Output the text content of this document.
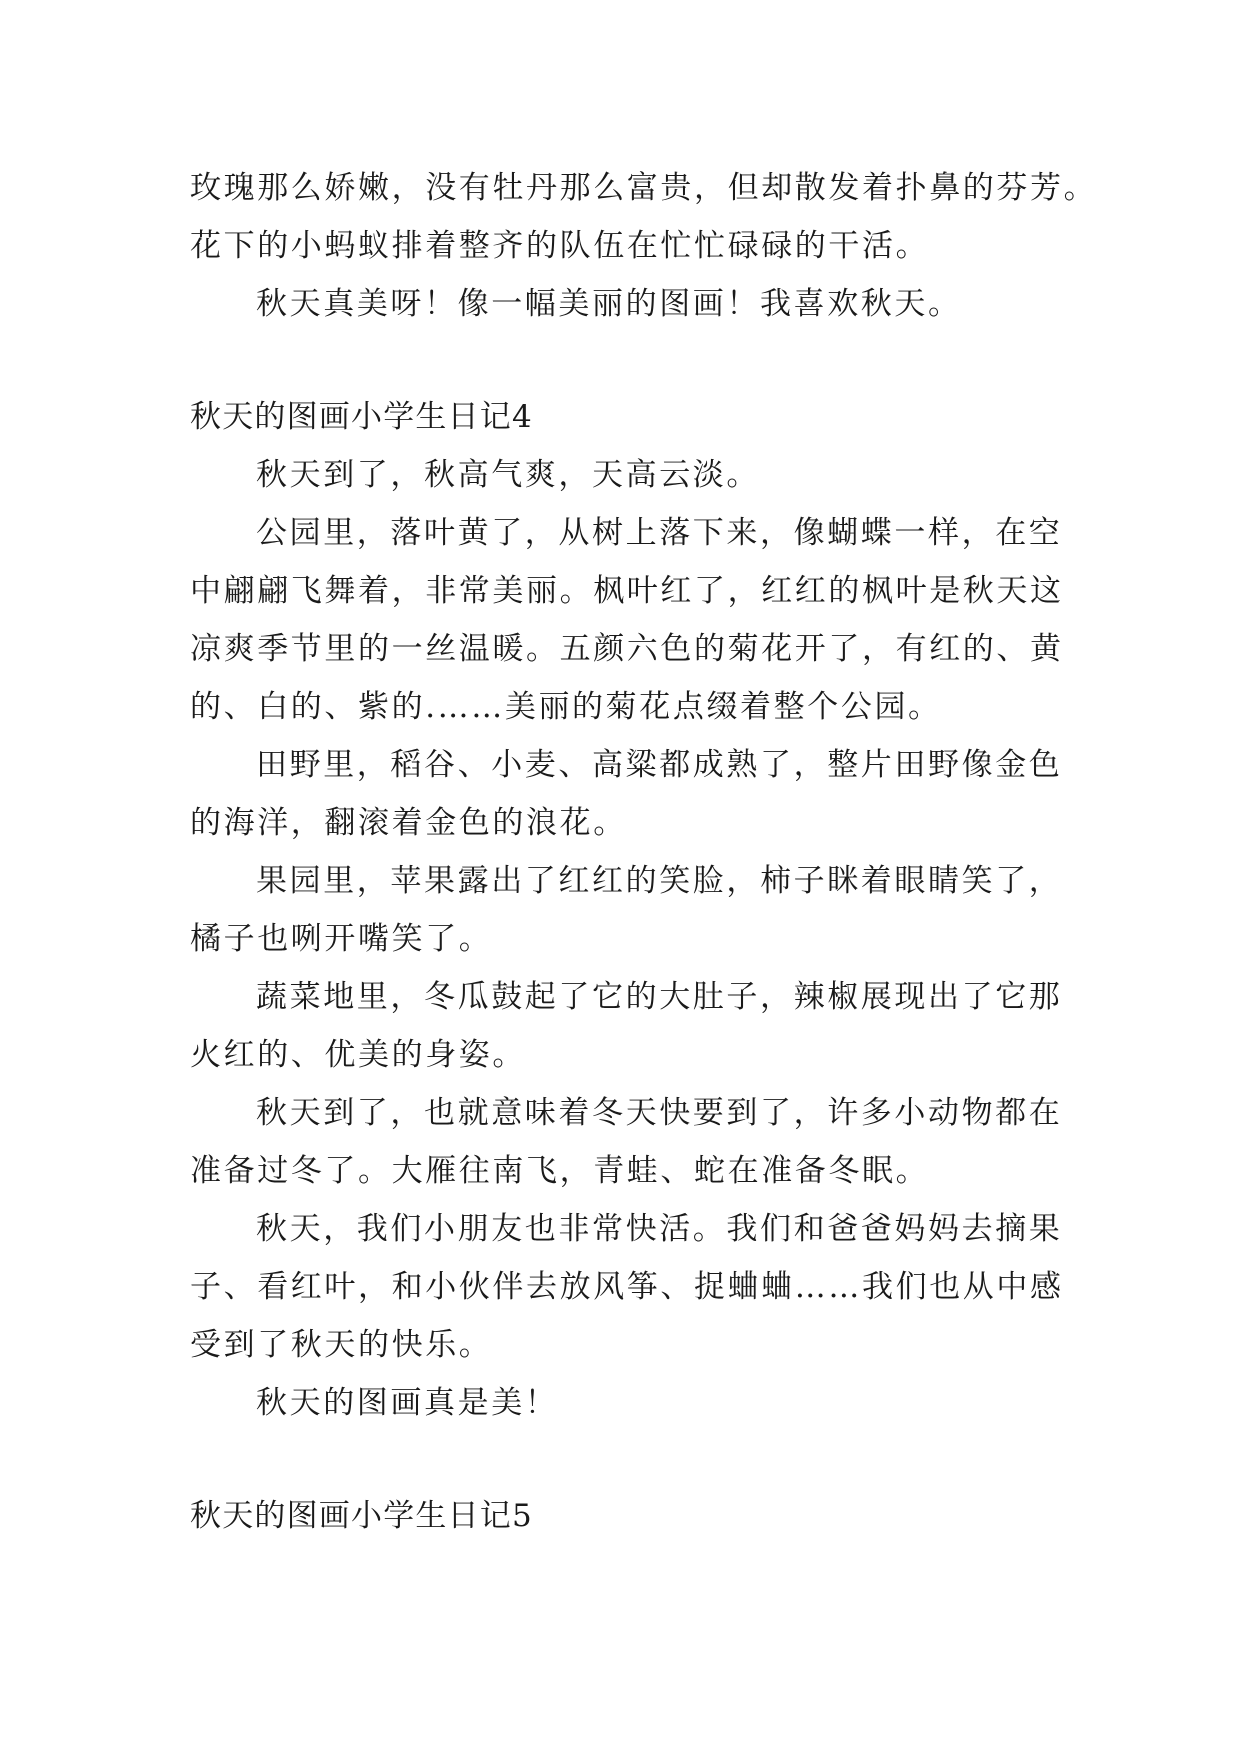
玫瑰那么娇嫩，没有牡丹那么富贵，但却散发着扑鼻的芬芳。
花下的小蚂蚁排着整齐的队伍在忙忙碌碌的干活。
秋天真美呀！像一幅美丽的图画！我喜欢秋天。
秋天的图画小学生日记4
秋天到了，秋高气爽，天高云淡。
公园里，落叶黄了，从树上落下来，像蝴蝶一样，在空
中翩翩飞舞着，非常美丽。枫叶红了，红红的枫叶是秋天这
凉爽季节里的一丝温暖。五颜六色的菊花开了，有红的、黄
的、白的、紫的.……美丽的菊花点缀着整个公园。
田野里，稻谷、小麦、高粱都成熟了，整片田野像金色
的海洋，翻滚着金色的浪花。
果园里，苹果露出了红红的笑脸，柿子眯着眼睛笑了，
橘子也咧开嘴笑了。
蔬菜地里，冬瓜鼓起了它的大肚子，辣椒展现出了它那
火红的、优美的身姿。
秋天到了，也就意味着冬天快要到了，许多小动物都在
准备过冬了。大雁往南飞，青蛙、蛇在准备冬眠。
秋天，我们小朋友也非常快活。我们和爸爸妈妈去摘果
子、看红叶，和小伙伴去放风筝、捉蛐蛐……我们也从中感
受到了秋天的快乐。
秋天的图画真是美！
秋天的图画小学生日记5
